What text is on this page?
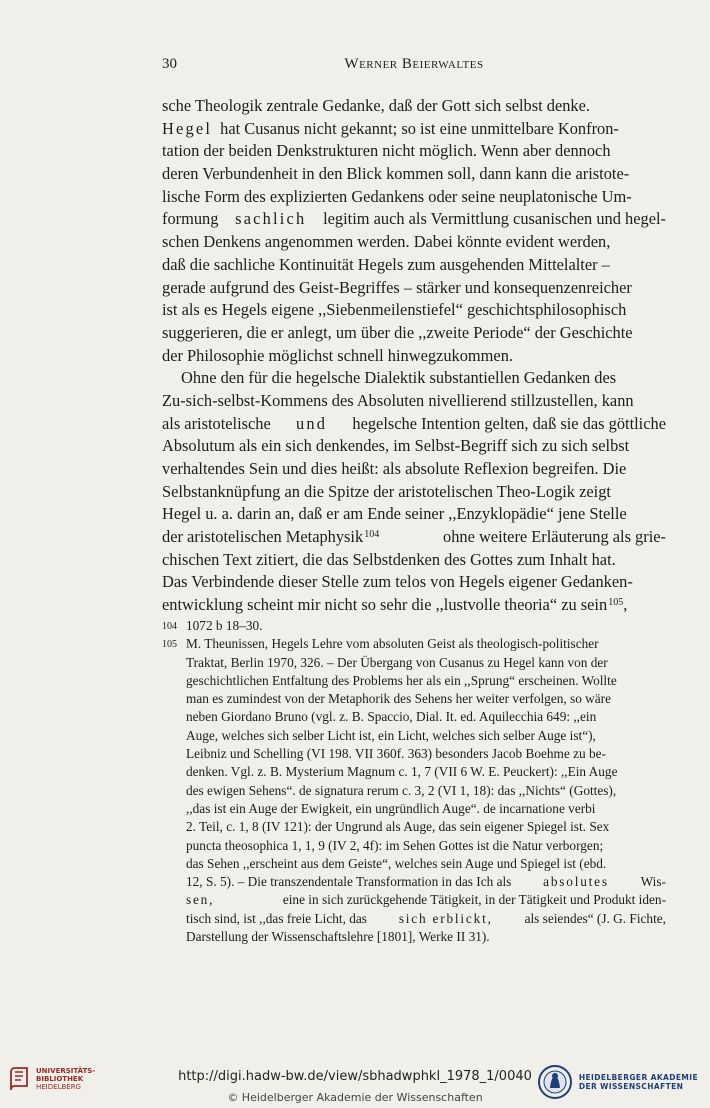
30	Werner Beierwaltes
sche Theologik zentrale Gedanke, daß der Gott sich selbst denke.
Hegel hat Cusanus nicht gekannt; so ist eine unmittelbare Konfron-
tation der beiden Denkstrukturen nicht möglich. Wenn aber dennoch
deren Verbundenheit in den Blick kommen soll, dann kann die aristote-
lische Form des explizierten Gedankens oder seine neuplatonische Um-
formung sachlich legitim auch als Vermittlung cusanischen und hegel-
schen Denkens angenommen werden. Dabei könnte evident werden,
daß die sachliche Kontinuität Hegels zum ausgehenden Mittelalter –
gerade aufgrund des Geist-Begriffes – stärker und konsequenzenreicher
ist als es Hegels eigene ,,Siebenmeilenstiefel“ geschichtsphilosophisch
suggerieren, die er anlegt, um über die ,,zweite Periode“ der Geschichte
der Philosophie möglichst schnell hinwegzukommen.
Ohne den für die hegelsche Dialektik substantiellen Gedanken des
Zu-sich-selbst-Kommens des Absoluten nivellierend stillzustellen, kann
als aristotelische und hegelsche Intention gelten, daß sie das göttliche
Absolutum als ein sich denkendes, im Selbst-Begriff sich zu sich selbst
verhaltendes Sein und dies heißt: als absolute Reflexion begreifen. Die
Selbstanknüpfung an die Spitze der aristotelischen Theo-Logik zeigt
Hegel u. a. darin an, daß er am Ende seiner ,,Enzyklopädie“ jene Stelle
der aristotelischen Metaphysik$^{104}$	ohne weitere Erläuterung als grie-
chischen Text zitiert, die das Selbstdenken des Gottes zum Inhalt hat.
Das Verbindende dieser Stelle zum telos von Hegels eigener Gedanken-
entwicklung scheint mir nicht so sehr die ,,lustvolle theoria“ zu sein$^{105}$,
104 1072 b 18–30.
105 M. Theunissen, Hegels Lehre vom absoluten Geist als theologisch-politischer
Traktat, Berlin 1970, 326. – Der Übergang von Cusanus zu Hegel kann von der
geschichtlichen Entfaltung des Problems her als ein ,,Sprung“ erscheinen. Wollte
man es zumindest von der Metaphorik des Sehens her weiter verfolgen, so wäre
neben Giordano Bruno (vgl. z. B. Spaccio, Dial. It. ed. Aquilecchia 649: ,,ein
Auge, welches sich selber Licht ist, ein Licht, welches sich selber Auge ist“),
Leibniz und Schelling (VI 198. VII 360f. 363) besonders Jacob Boehme zu be-
denken. Vgl. z. B. Mysterium Magnum c. 1, 7 (VII 6 W. E. Peuckert): ,,Ein Auge
des ewigen Sehens“. de signatura rerum c. 3, 2 (VI 1, 18): das ,,Nichts“ (Gottes),
,,das ist ein Auge der Ewigkeit, ein ungründlich Auge“. de incarnatione verbi
2. Teil, c. 1, 8 (IV 121): der Ungrund als Auge, das sein eigener Spiegel ist. Sex
puncta theosophica 1, 1, 9 (IV 2, 4f): im Sehen Gottes ist die Natur verborgen;
das Sehen ,,erscheint aus dem Geiste“, welches sein Auge und Spiegel ist (ebd.
12, S. 5). – Die transzendentale Transformation in das Ich als absolutes Wis-
sen,	eine in sich zurückgehende Tätigkeit, in der Tätigkeit und Produkt iden-
tisch sind, ist ,,das freie Licht, das sich erblickt, als seiendes“ (J. G. Fichte,
Darstellung der Wissenschaftslehre [1801], Werke II 31).
UNIVERSITÄTS-
BIBLIOTHEK
HEIDELBERG
http://digi.hadw-bw.de/view/sbhadwphkl_1978_1/0040
© Heidelberger Akademie der Wissenschaften
HEIDELBERGER AKADEMIE
DER WISSENSCHAFTEN
